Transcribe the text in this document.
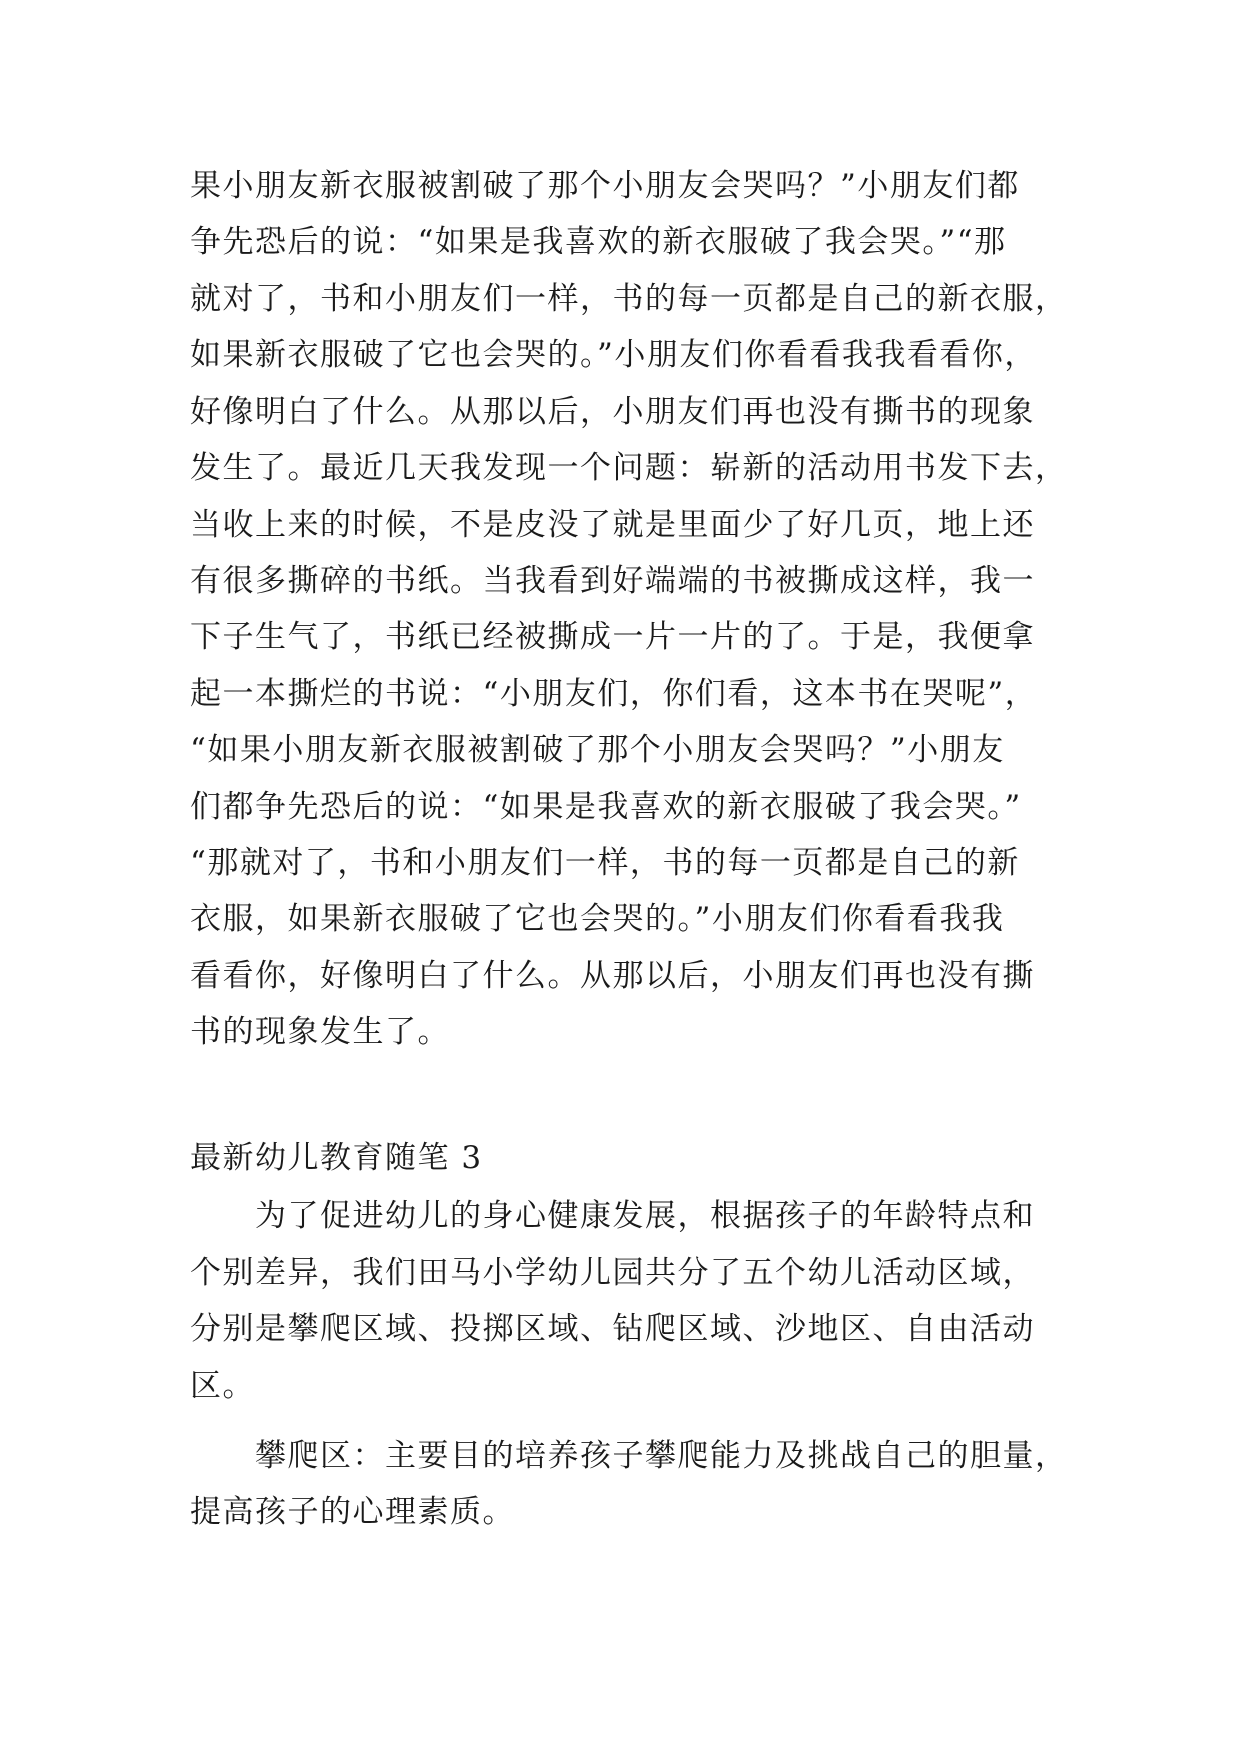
果小朋友新衣服被割破了那个小朋友会哭吗？”小朋友们都
争先恐后的说：“如果是我喜欢的新衣服破了我会哭。”“那
就对了，书和小朋友们一样，书的每一页都是自己的新衣服，
如果新衣服破了它也会哭的。”小朋友们你看看我我看看你，
好像明白了什么。从那以后，小朋友们再也没有撕书的现象
发生了。最近几天我发现一个问题：崭新的活动用书发下去，
当收上来的时候，不是皮没了就是里面少了好几页，地上还
有很多撕碎的书纸。当我看到好端端的书被撕成这样，我一
下子生气了，书纸已经被撕成一片一片的了。于是，我便拿
起一本撕烂的书说：“小朋友们，你们看，这本书在哭呢”，
“如果小朋友新衣服被割破了那个小朋友会哭吗？”小朋友
们都争先恐后的说：“如果是我喜欢的新衣服破了我会哭。”
“那就对了，书和小朋友们一样，书的每一页都是自己的新
衣服，如果新衣服破了它也会哭的。”小朋友们你看看我我
看看你，好像明白了什么。从那以后，小朋友们再也没有撕
书的现象发生了。
最新幼儿教育随笔 3
为了促进幼儿的身心健康发展，根据孩子的年龄特点和
个别差异，我们田马小学幼儿园共分了五个幼儿活动区域，
分别是攀爬区域、投掷区域、钻爬区域、沙地区、自由活动
区。
攀爬区：主要目的培养孩子攀爬能力及挑战自己的胆量，
提高孩子的心理素质。
